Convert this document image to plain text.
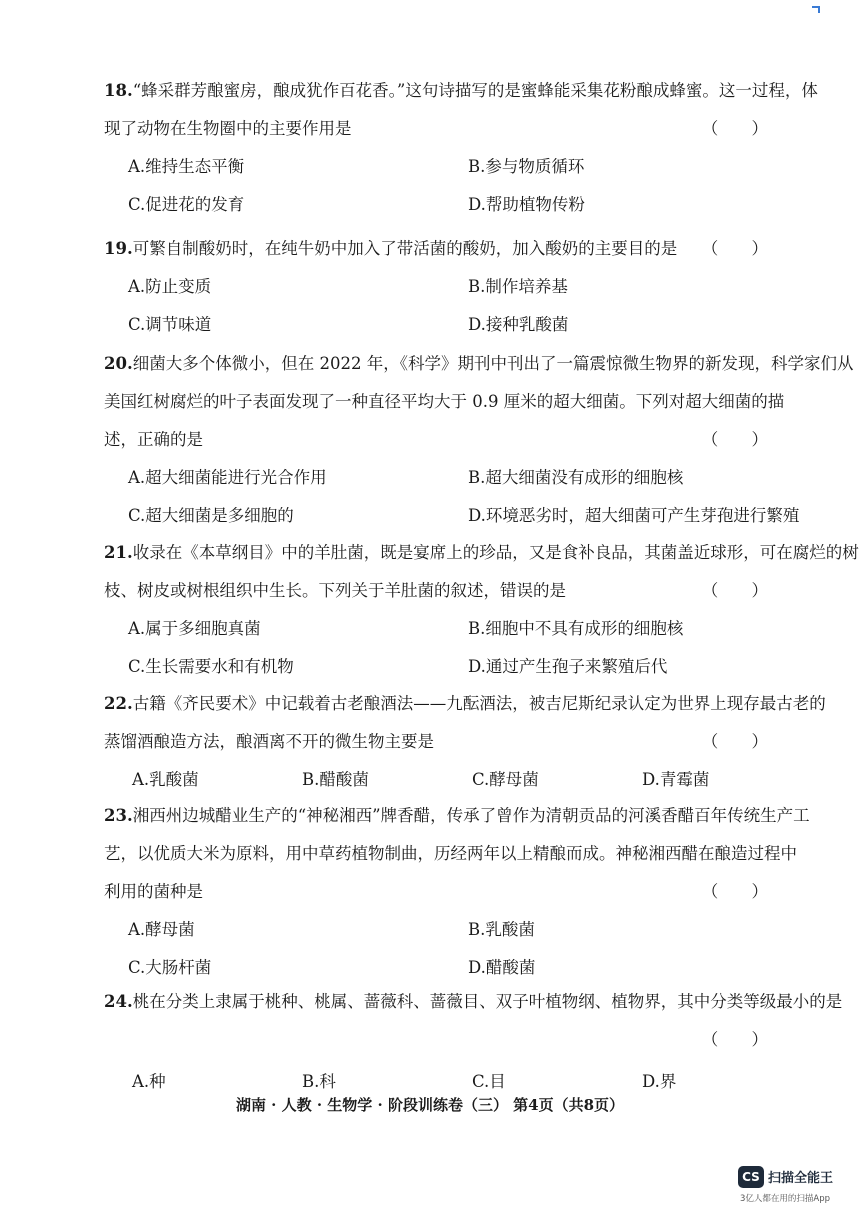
18.“蜂采群芳酿蜜房，酿成犹作百花香。”这句诗描写的是蜜蜂能采集花粉酿成蜂蜜。这一过程，体
现了动物在生物圈中的主要作用是	（ ）
A.维持生态平衡	B.参与物质循环
C.促进花的发育	D.帮助植物传粉
19.可繁自制酸奶时，在纯牛奶中加入了带活菌的酸奶，加入酸奶的主要目的是 （ ）
A.防止变质	B.制作培养基
C.调节味道	D.接种乳酸菌
20.细菌大多个体微小，但在 2022 年，《科学》期刊中刊出了一篇震惊微生物界的新发现，科学家们从
美国红树腐烂的叶子表面发现了一种直径平均大于 0.9 厘米的超大细菌。下列对超大细菌的描
述，正确的是	（ ）
A.超大细菌能进行光合作用	B.超大细菌没有成形的细胞核
C.超大细菌是多细胞的	D.环境恶劣时，超大细菌可产生芽孢进行繁殖
21.收录在《本草纲目》中的羊肚菌，既是宴席上的珍品，又是食补良品，其菌盖近球形，可在腐烂的树
枝、树皮或树根组织中生长。下列关于羊肚菌的叙述，错误的是	（ ）
A.属于多细胞真菌	B.细胞中不具有成形的细胞核
C.生长需要水和有机物	D.通过产生孢子来繁殖后代
22.古籍《齐民要术》中记载着古老酿酒法——九酝酒法，被吉尼斯纪录认定为世界上现存最古老的
蒸馏酒酿造方法，酿酒离不开的微生物主要是	（ ）
A.乳酸菌	B.醋酸菌	C.酵母菌	D.青霉菌
23.湘西州边城醋业生产的“神秘湘西”牌香醋，传承了曾作为清朝贡品的河溪香醋百年传统生产工
艺，以优质大米为原料，用中草药植物制曲，历经两年以上精酿而成。神秘湘西醋在酿造过程中
利用的菌种是	（ ）
A.酵母菌	B.乳酸菌
C.大肠杆菌	D.醋酸菌
24.桃在分类上隶属于桃种、桃属、蔷薇科、蔷薇目、双子叶植物纲、植物界，其中分类等级最小的是
（ ）
A.种	B.科	C.目	D.界
湖南 · 人教 · 生物学 · 阶段训练卷（三） 第4页（共8页）
CS 扫描全能王
3亿人都在用的扫描App
